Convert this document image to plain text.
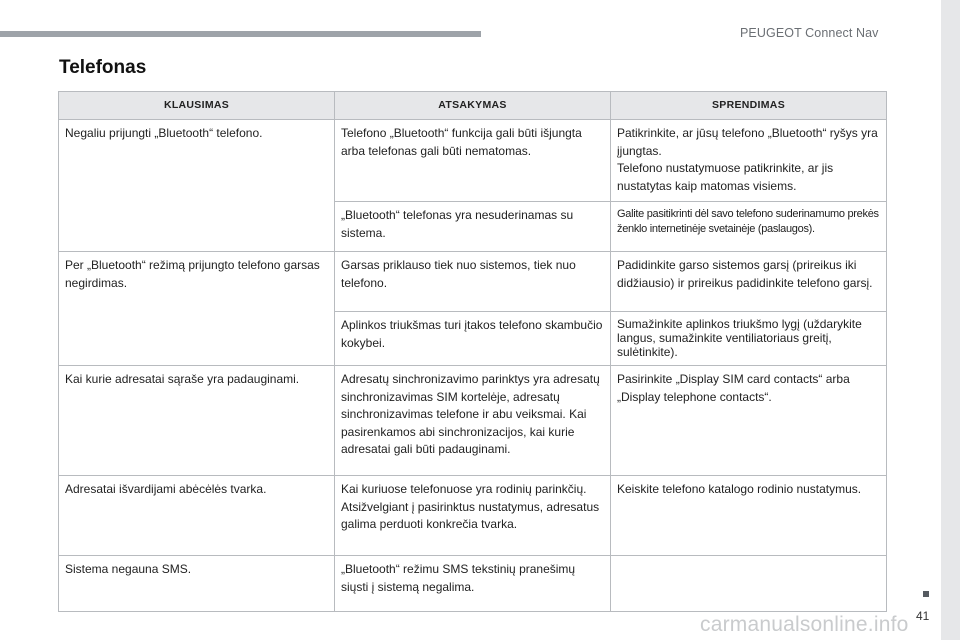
PEUGEOT Connect Nav
41
Telefonas
KLAUSIMAS	ATSAKYMAS	SPRENDIMAS
Negaliu prijungti „Bluetooth“ telefono.	Telefono „Bluetooth“ funkcija gali būti išjungta arba telefonas gali būti nematomas.	Patikrinkite, ar jūsų telefono „Bluetooth“ ryšys yra įjungtas.
Telefono nustatymuose patikrinkite, ar jis nustatytas kaip matomas visiems.

	„Bluetooth“ telefonas yra nesuderinamas su sistema.	Galite pasitikrinti dėl savo telefono suderinamumo prekės ženklo internetinėje svetainėje (paslaugos).

Per „Bluetooth“ režimą prijungto telefono garsas negirdimas.	Garsas priklauso tiek nuo sistemos, tiek nuo telefono.	Padidinkite garso sistemos garsį (prireikus iki didžiausio) ir prireikus padidinkite telefono garsį.

	Aplinkos triukšmas turi įtakos telefono skambučio kokybei.	Sumažinkite aplinkos triukšmo lygį (uždarykite langus, sumažinkite ventiliatoriaus greitį, sulėtinkite).

Kai kurie adresatai sąraše yra padauginami.	Adresatų sinchronizavimo parinktys yra adresatų sinchronizavimas SIM kortelėje, adresatų sinchronizavimas telefone ir abu veiksmai. Kai pasirenkamos abi sinchronizacijos, kai kurie adresatai gali būti padauginami.	Pasirinkite „Display SIM card contacts“ arba „Display telephone contacts“.

Adresatai išvardijami abėcėlės tvarka.	Kai kuriuose telefonuose yra rodinių parinkčių. Atsižvelgiant į pasirinktus nustatymus, adresatus galima perduoti konkrečia tvarka.	Keiskite telefono katalogo rodinio nustatymus.

Sistema negauna SMS.	„Bluetooth“ režimu SMS tekstinių pranešimų siųsti į sistemą negalima.	
carmanualsonline.info
